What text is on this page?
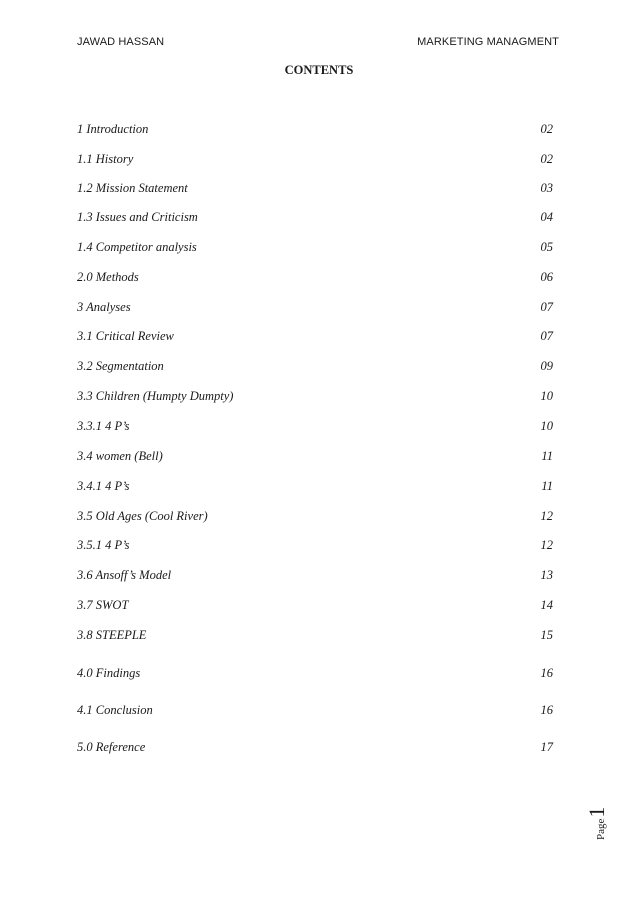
JAWAD HASSAN	MARKETING MANAGMENT
CONTENTS
1 Introduction	02
1.1 History	02
1.2 Mission Statement	03
1.3 Issues and Criticism	04
1.4 Competitor analysis	05
2.0 Methods	06
3 Analyses	07
3.1 Critical Review	07
3.2 Segmentation	09
3.3 Children (Humpty Dumpty)	10
3.3.1 4 P’s	10
3.4 women (Bell)	11
3.4.1 4 P’s	11
3.5 Old Ages (Cool River)	12
3.5.1 4 P’s	12
3.6 Ansoff’s Model	13
3.7 SWOT	14
3.8 STEEPLE	15
4.0 Findings	16
4.1 Conclusion	16
5.0 Reference	17
Page1
